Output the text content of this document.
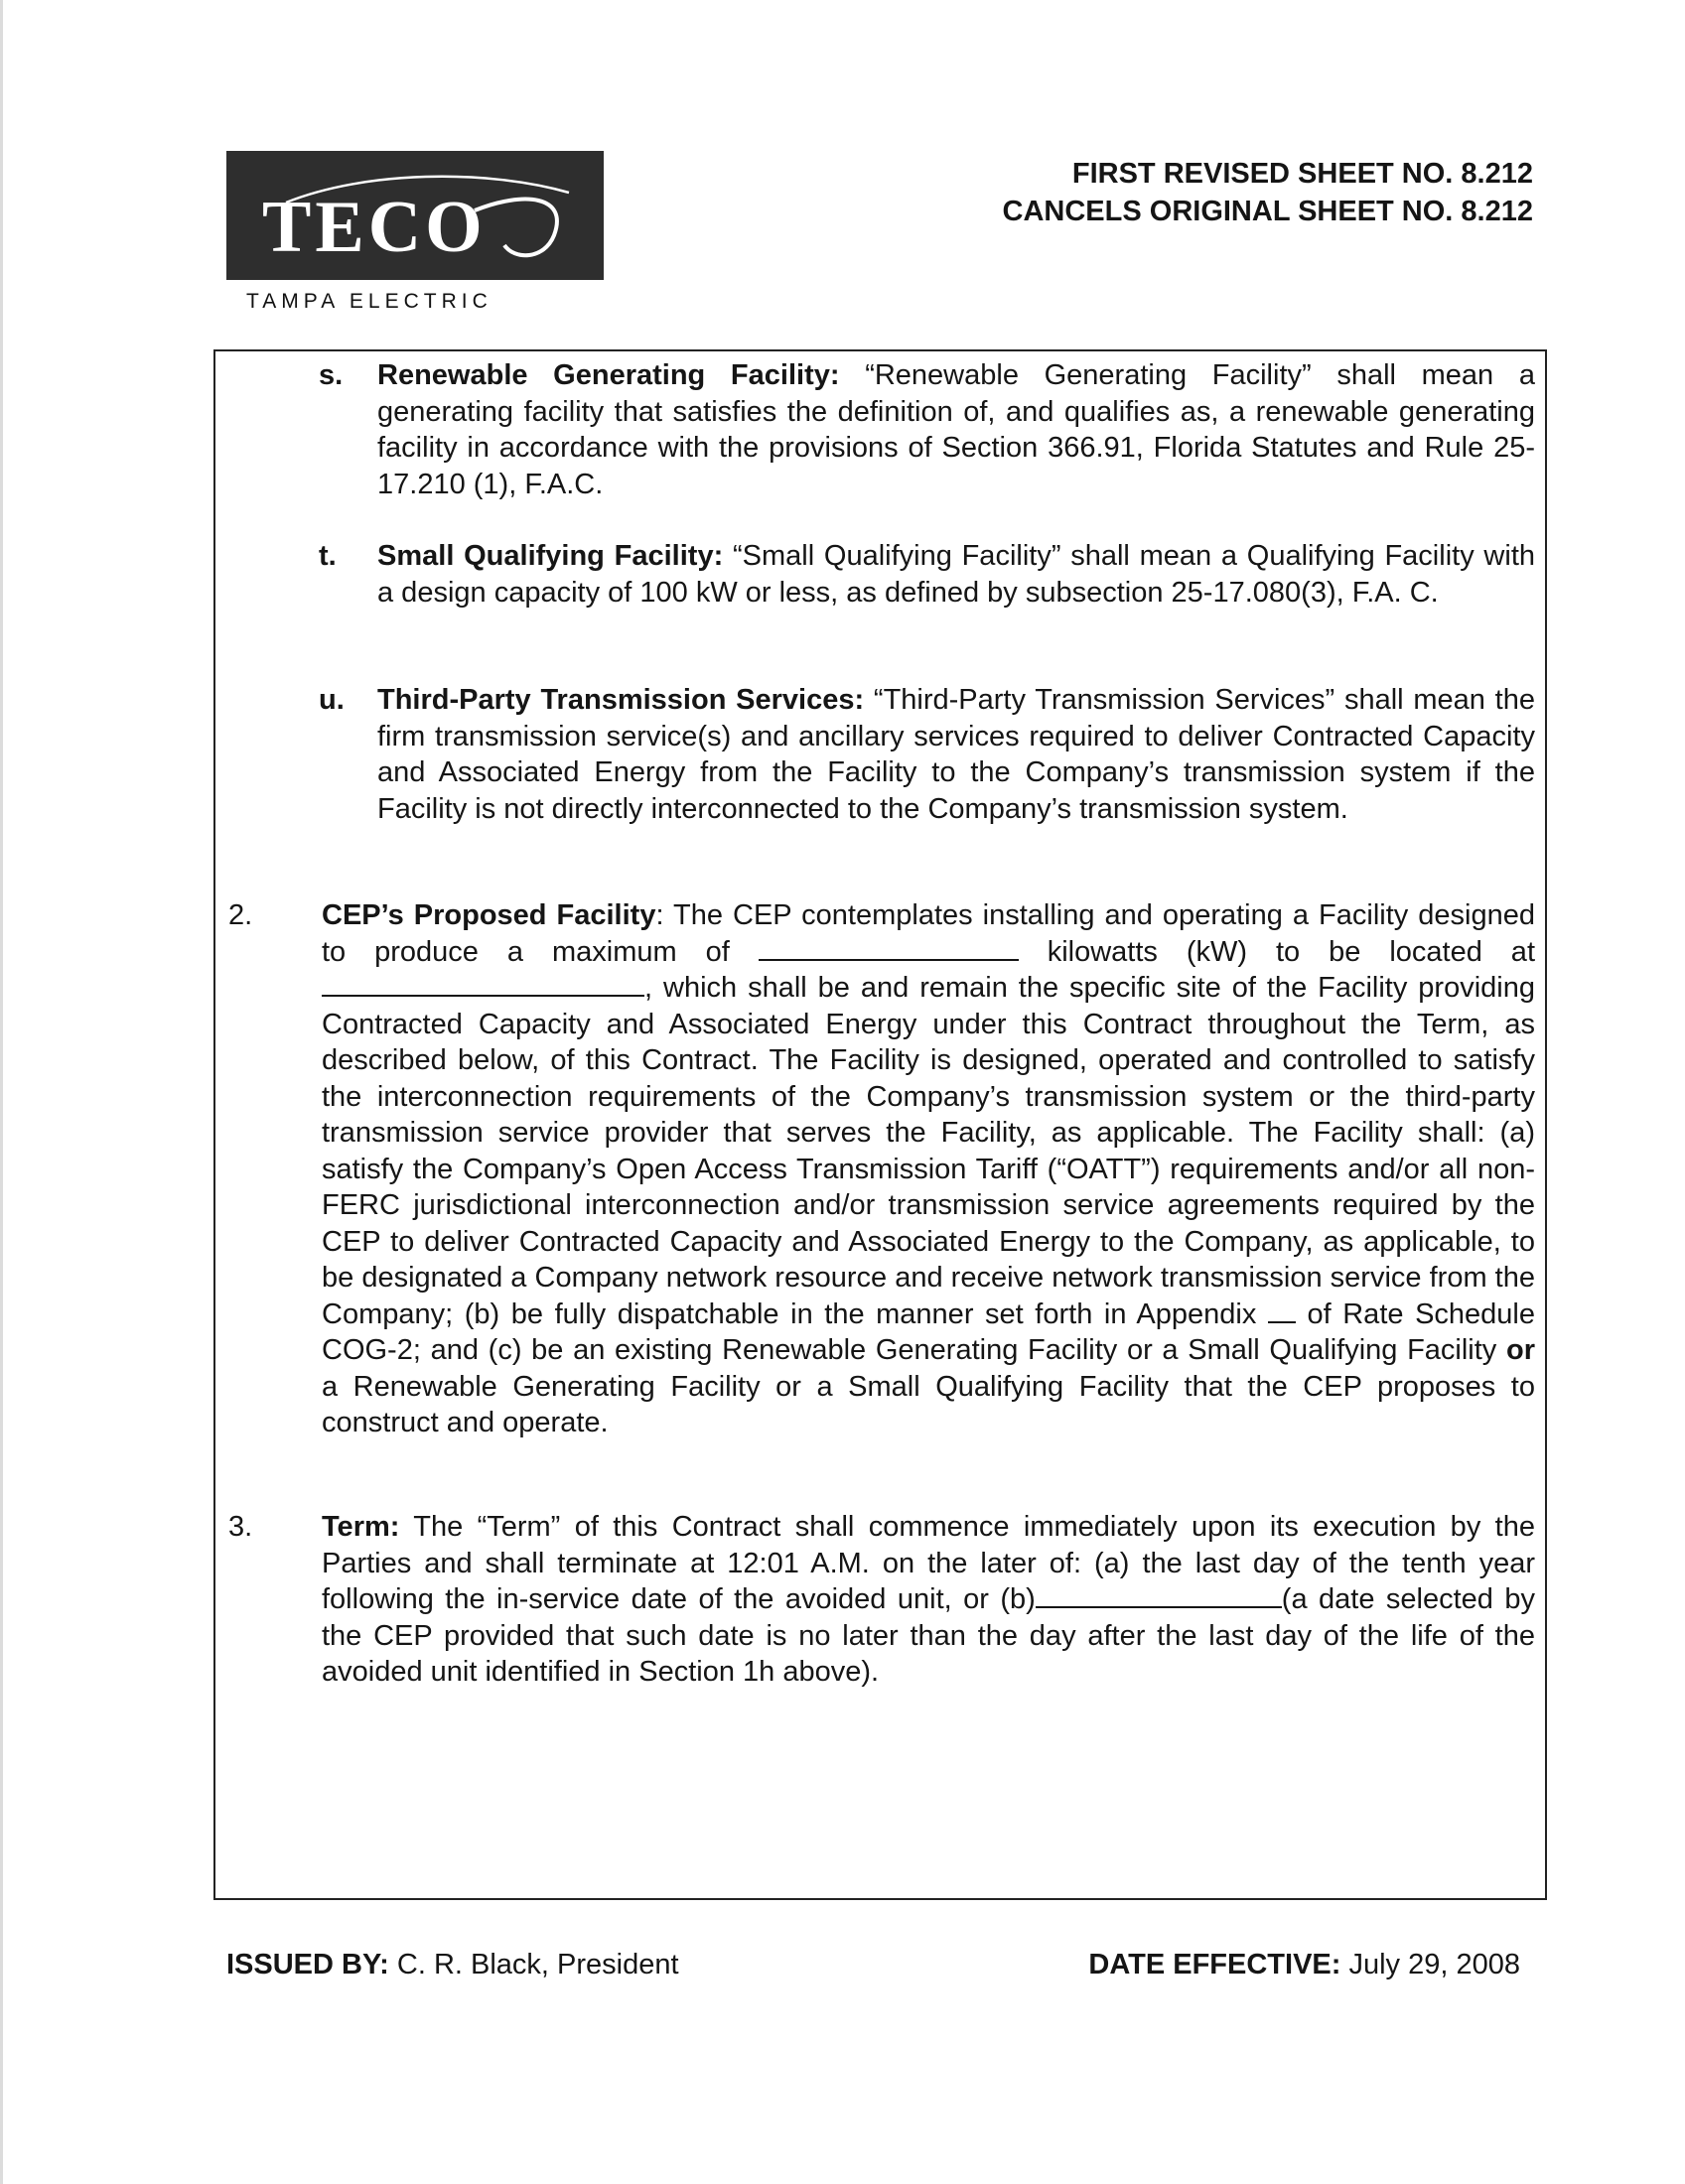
TECO
TAMPA ELECTRIC
FIRST REVISED SHEET NO. 8.212
CANCELS ORIGINAL SHEET NO. 8.212
s. Renewable Generating Facility: “Renewable Generating Facility” shall mean a generating facility that satisfies the definition of, and qualifies as, a renewable generating facility in accordance with the provisions of Section 366.91, Florida Statutes and Rule 25-17.210 (1), F.A.C.
t. Small Qualifying Facility: “Small Qualifying Facility” shall mean a Qualifying Facility with a design capacity of 100 kW or less, as defined by subsection 25-17.080(3), F.A. C.
u. Third-Party Transmission Services: “Third-Party Transmission Services” shall mean the firm transmission service(s) and ancillary services required to deliver Contracted Capacity and Associated Energy from the Facility to the Company’s transmission system if the Facility is not directly interconnected to the Company’s transmission system.
2. CEP’s Proposed Facility: The CEP contemplates installing and operating a Facility designed to produce a maximum of	kilowatts (kW) to be located at , which shall be and remain the specific site of the Facility providing Contracted Capacity and Associated Energy under this Contract throughout the Term, as described below, of this Contract. The Facility is designed, operated and controlled to satisfy the interconnection requirements of the Company’s transmission system or the third-party transmission service provider that serves the Facility, as applicable. The Facility shall: (a) satisfy the Company’s Open Access Transmission Tariff (“OATT”) requirements and/or all non-FERC jurisdictional interconnection and/or transmission service agreements required by the CEP to deliver Contracted Capacity and Associated Energy to the Company, as applicable, to be designated a Company network resource and receive network transmission service from the Company; (b) be fully dispatchable in the manner set forth in Appendix  of Rate Schedule COG-2; and (c) be an existing Renewable Generating Facility or a Small Qualifying Facility or a Renewable Generating Facility or a Small Qualifying Facility that the CEP proposes to construct and operate.
3. Term: The “Term” of this Contract shall commence immediately upon its execution by the Parties and shall terminate at 12:01 A.M. on the later of: (a) the last day of the tenth year following the in-service date of the avoided unit, or (b)	(a date selected by the CEP provided that such date is no later than the day after the last day of the life of the avoided unit identified in Section 1h above).
ISSUED BY: C. R. Black, President	DATE EFFECTIVE: July 29, 2008
